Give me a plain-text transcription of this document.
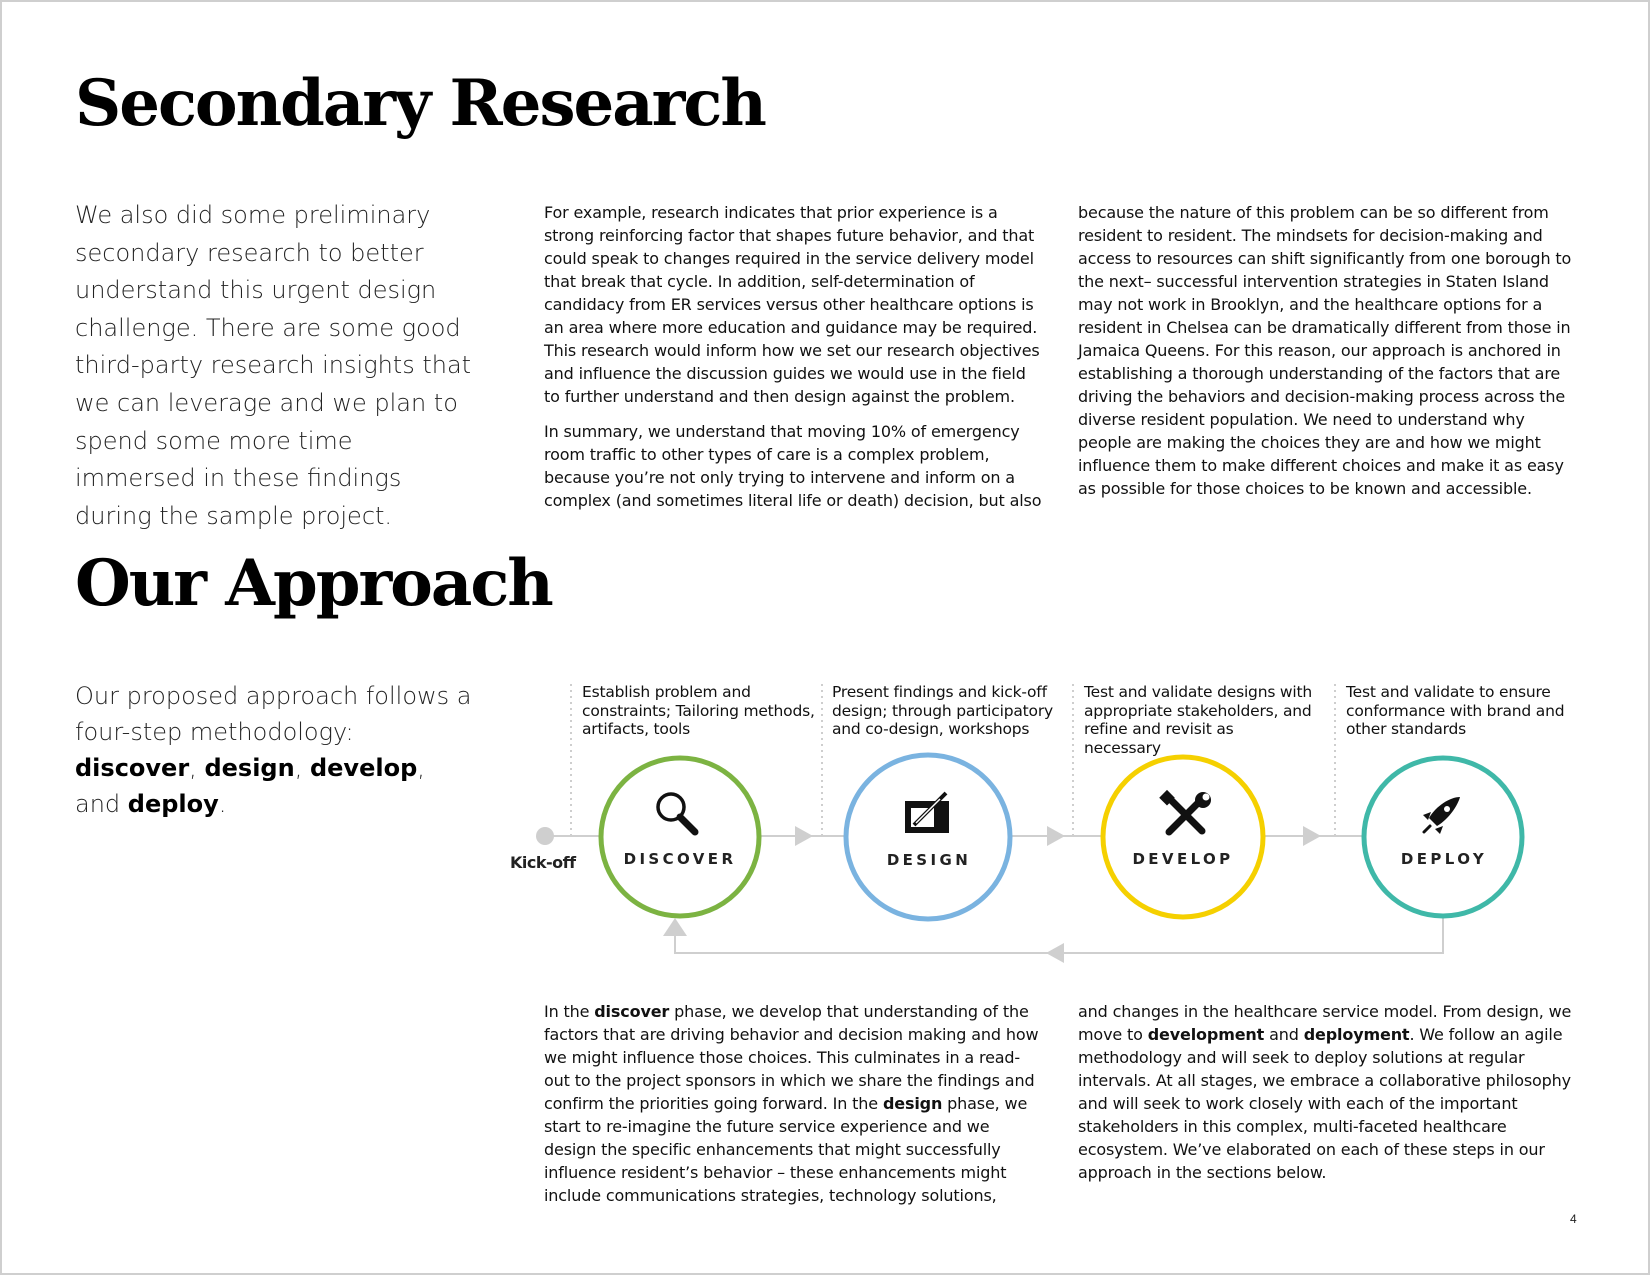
Secondary Research

We also did some preliminary secondary research to better understand this urgent design challenge. There are some good third-party research insights that we can leverage and we plan to spend some more time immersed in these findings during the sample project.

For example, research indicates that prior experience is a strong reinforcing factor that shapes future behavior, and that could speak to changes required in the service delivery model that break that cycle. In addition, self-determination of candidacy from ER services versus other healthcare options is an area where more education and guidance may be required. This research would inform how we set our research objectives and influence the discussion guides we would use in the field to further understand and then design against the problem.

In summary, we understand that moving 10% of emergency room traffic to other types of care is a complex problem, because you’re not only trying to intervene and inform on a complex (and sometimes literal life or death) decision, but also

because the nature of this problem can be so different from resident to resident. The mindsets for decision-making and access to resources can shift significantly from one borough to the next– successful intervention strategies in Staten Island may not work in Brooklyn, and the healthcare options for a resident in Chelsea can be dramatically different from those in Jamaica Queens. For this reason, our approach is anchored in establishing a thorough understanding of the factors that are driving the behaviors and decision-making process across the diverse resident population. We need to understand why people are making the choices they are and how we might influence them to make different choices and make it as easy as possible for those choices to be known and accessible.

Our Approach

Our proposed approach follows a four-step methodology: discover, design, develop, and deploy.

Establish problem and constraints; Tailoring methods, artifacts, tools

Present findings and kick-off design; through participatory and co-design, workshops

Test and validate designs with appropriate stakeholders, and refine and revisit as necessary

Test and validate to ensure conformance with brand and other standards

Kick-off	DISCOVER	DESIGN	DEVELOP	DEPLOY

In the discover phase, we develop that understanding of the factors that are driving behavior and decision making and how we might influence those choices. This culminates in a read-out to the project sponsors in which we share the findings and confirm the priorities going forward. In the design phase, we start to re-imagine the future service experience and we design the specific enhancements that might successfully influence resident’s behavior – these enhancements might include communications strategies, technology solutions,

and changes in the healthcare service model. From design, we move to development and deployment. We follow an agile methodology and will seek to deploy solutions at regular intervals. At all stages, we embrace a collaborative philosophy and will seek to work closely with each of the important stakeholders in this complex, multi-faceted healthcare ecosystem. We’ve elaborated on each of these steps in our approach in the sections below.

4
